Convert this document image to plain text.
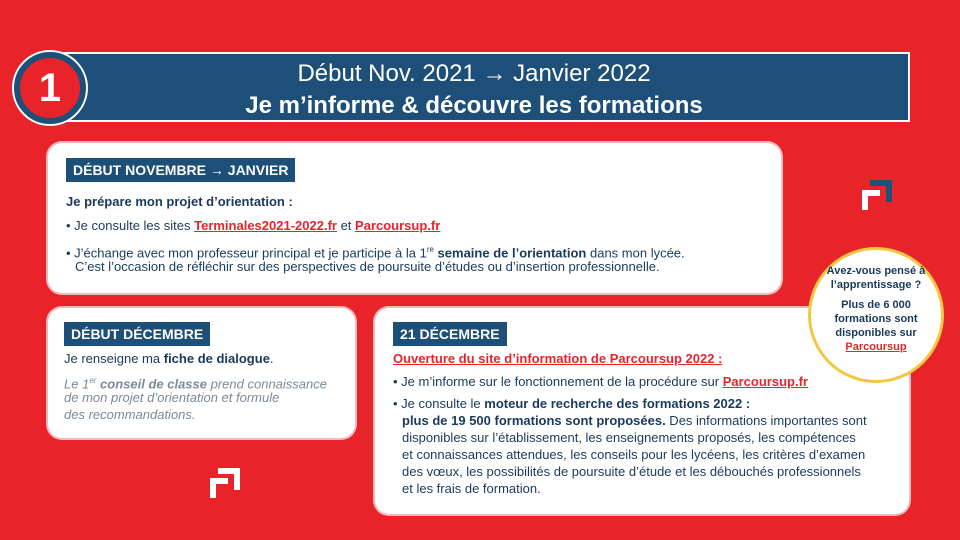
Début Nov. 2021 → Janvier 2022
Je m’informe & découvre les formations
1
DÉBUT NOVEMBRE → JANVIER
Je prépare mon projet d’orientation :
• Je consulte les sites Terminales2021-2022.fr et Parcoursup.fr
• J’échange avec mon professeur principal et je participe à la 1re semaine de l’orientation dans mon lycée.
C’est l’occasion de réfléchir sur des perspectives de poursuite d’études ou d’insertion professionnelle.
DÉBUT DÉCEMBRE
Je renseigne ma fiche de dialogue.
Le 1er conseil de classe prend connaissance
de mon projet d’orientation et formule
des recommandations.
21 DÉCEMBRE
Ouverture du site d’information de Parcoursup 2022 :
• Je m’informe sur le fonctionnement de la procédure sur Parcoursup.fr
• Je consulte le moteur de recherche des formations 2022 :
plus de 19 500 formations sont proposées. Des informations importantes sont
disponibles sur l’établissement, les enseignements proposés, les compétences
et connaissances attendues, les conseils pour les lycéens, les critères d’examen
des vœux, les possibilités de poursuite d’étude et les débouchés professionnels
et les frais de formation.
Avez-vous pensé à
l’apprentissage ?
Plus de 6 000
formations sont
disponibles sur
Parcoursup
